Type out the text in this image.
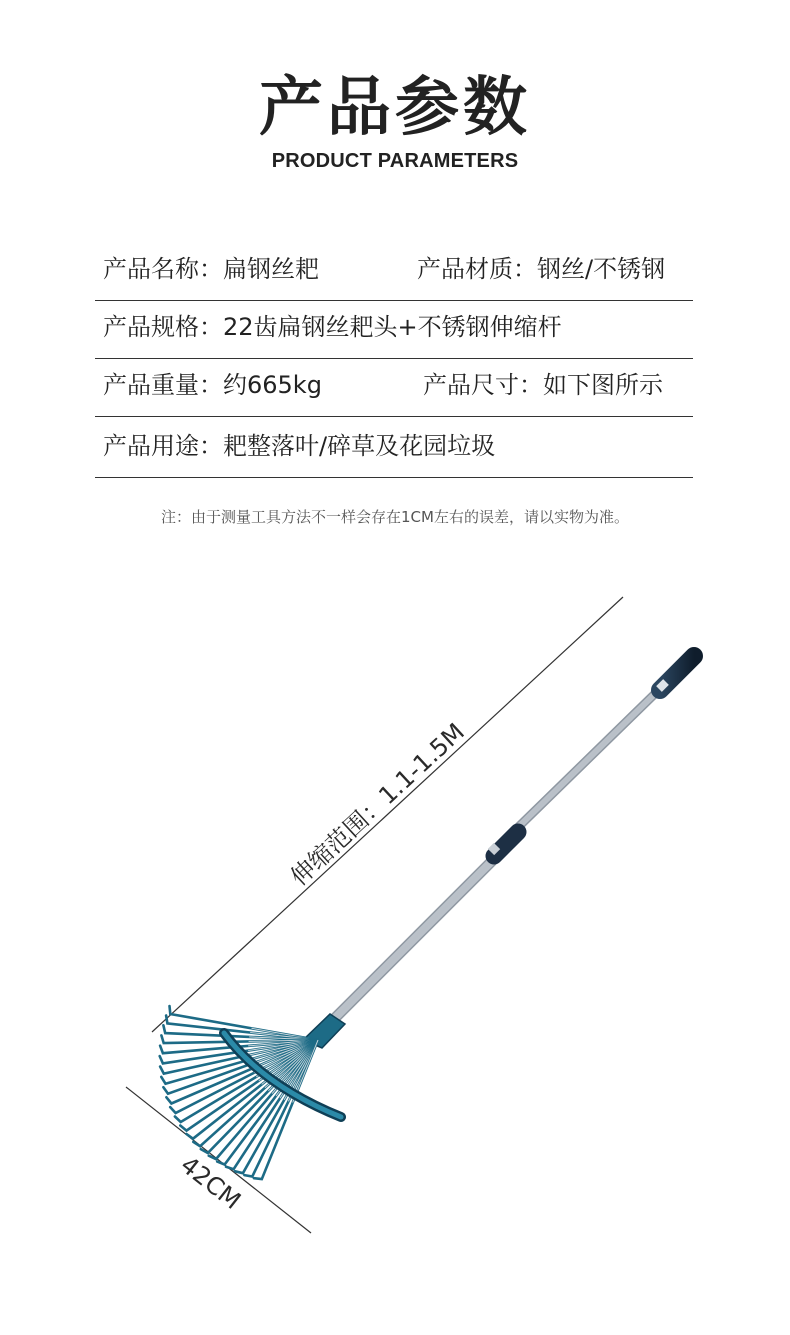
产品参数
PRODUCT PARAMETERS
产品名称：扁钢丝耙	产品材质：钢丝/不锈钢
产品规格：22齿扁钢丝耙头+不锈钢伸缩杆
产品重量：约665kg	产品尺寸：如下图所示
产品用途：耙整落叶/碎草及花园垃圾
注：由于测量工具方法不一样会存在1CM左右的误差，请以实物为准。
伸缩范围：1.1-1.5M
42CM
